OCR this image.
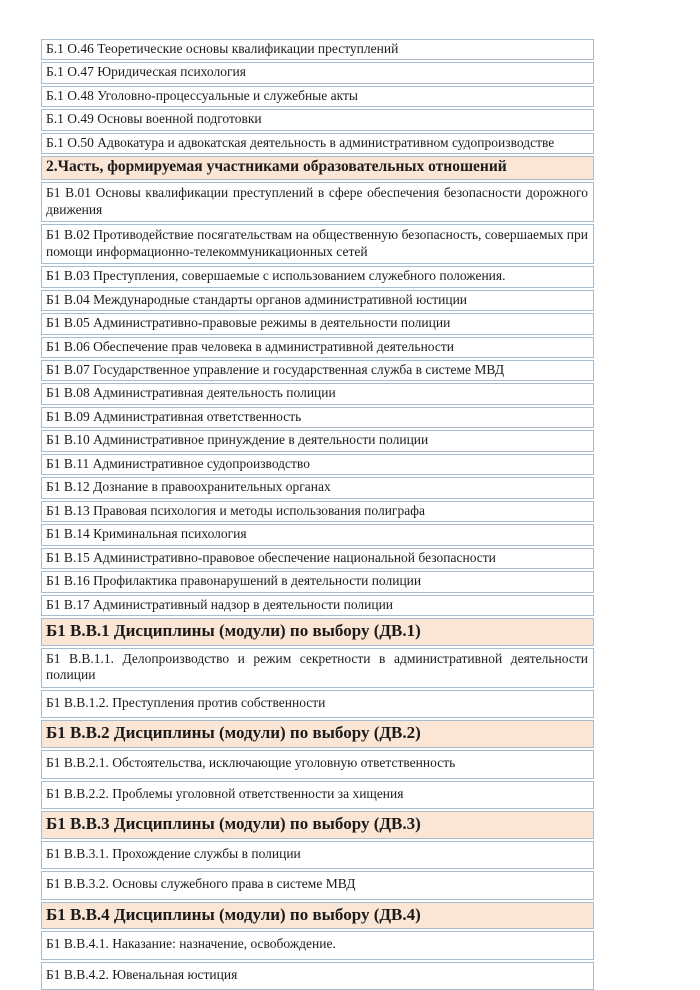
Б.1 О.46 Теоретические основы квалификации преступлений
Б.1 О.47 Юридическая психология
Б.1 О.48 Уголовно-процессуальные и служебные акты
Б.1 О.49 Основы военной подготовки
Б.1 О.50 Адвокатура и адвокатская деятельность в административном судопроизводстве
2.Часть, формируемая участниками образовательных отношений
Б1 В.01 Основы квалификации преступлений в сфере обеспечения безопасности дорожного движения
Б1 В.02 Противодействие посягательствам на общественную безопасность, совершаемых при помощи информационно-телекоммуникационных сетей
Б1 В.03 Преступления, совершаемые с использованием служебного положения.
Б1 В.04 Международные стандарты органов административной юстиции
Б1 В.05 Административно-правовые режимы в деятельности полиции
Б1 В.06 Обеспечение прав человека в административной деятельности
Б1 В.07 Государственное управление и государственная служба в системе МВД
Б1 В.08 Административная деятельность полиции
Б1 В.09 Административная ответственность
Б1 В.10 Административное принуждение в деятельности полиции
Б1 В.11 Административное судопроизводство
Б1 В.12 Дознание в правоохранительных органах
Б1 В.13 Правовая психология и методы использования полиграфа
Б1 В.14 Криминальная психология
Б1 В.15 Административно-правовое обеспечение национальной безопасности
Б1 В.16 Профилактика правонарушений в деятельности полиции
Б1 В.17 Административный надзор в деятельности полиции
Б1 В.В.1 Дисциплины (модули) по выбору (ДВ.1)
Б1 В.В.1.1. Делопроизводство и режим секретности в административной деятельности полиции
Б1 В.В.1.2. Преступления против собственности
Б1 В.В.2 Дисциплины (модули) по выбору (ДВ.2)
Б1 В.В.2.1. Обстоятельства, исключающие уголовную ответственность
Б1 В.В.2.2. Проблемы уголовной ответственности за хищения
Б1 В.В.3 Дисциплины (модули) по выбору (ДВ.3)
Б1 В.В.3.1. Прохождение службы в полиции
Б1 В.В.3.2. Основы служебного права в системе МВД
Б1 В.В.4 Дисциплины (модули) по выбору (ДВ.4)
Б1 В.В.4.1. Наказание: назначение, освобождение.
Б1 В.В.4.2. Ювенальная юстиция
